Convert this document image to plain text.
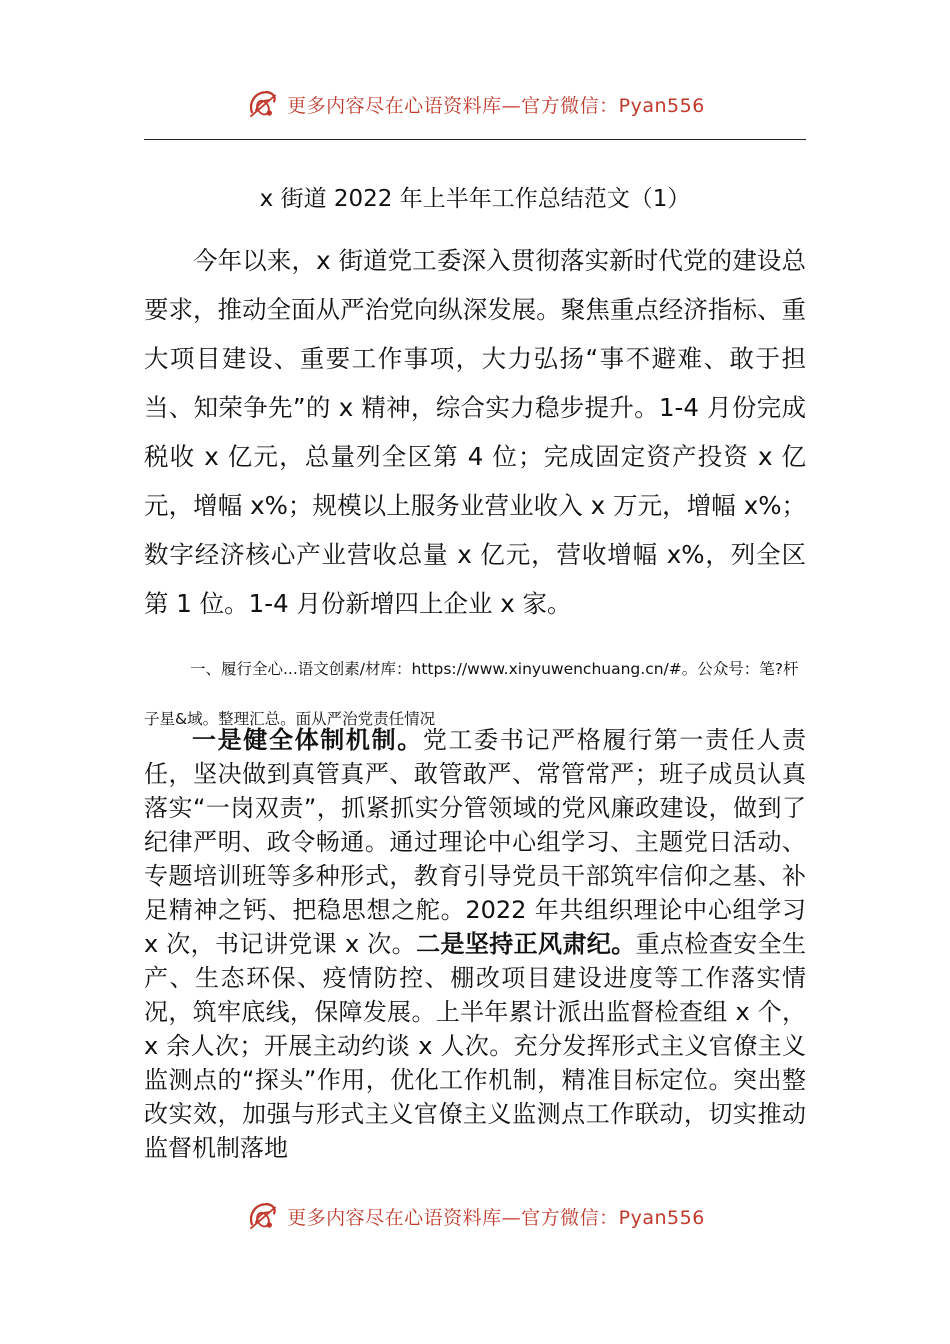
更多内容尽在心语资料库—官方微信：Pyan556
x 街道 2022 年上半年工作总结范文（1）

今年以来，x 街道党工委深入贯彻落实新时代党的建设总要求，推动全面从严治党向纵深发展。聚焦重点经济指标、重大项目建设、重要工作事项，大力弘扬“事不避难、敢于担当、知荣争先”的 x 精神，综合实力稳步提升。1-4 月份完成税收 x 亿元，总量列全区第 4 位；完成固定资产投资 x 亿元，增幅 x%；规模以上服务业营业收入 x 万元，增幅 x%；数字经济核心产业营收总量 x 亿元，营收增幅 x%，列全区第 1 位。1-4 月份新增四上企业 x 家。

一、履行全心...语文创素/材库：https://www.xinyuwenchuang.cn/#。公众号：笔?杆子星&域。整理汇总。面从严治党责任情况

一是健全体制机制。党工委书记严格履行第一责任人责任，坚决做到真管真严、敢管敢严、常管常严；班子成员认真落实“一岗双责”，抓紧抓实分管领域的党风廉政建设，做到了纪律严明、政令畅通。通过理论中心组学习、主题党日活动、专题培训班等多种形式，教育引导党员干部筑牢信仰之基、补足精神之钙、把稳思想之舵。2022 年共组织理论中心组学习 x 次，书记讲党课 x 次。二是坚持正风肃纪。重点检查安全生产、生态环保、疫情防控、棚改项目建设进度等工作落实情况，筑牢底线，保障发展。上半年累计派出监督检查组 x 个，x 余人次；开展主动约谈 x 人次。充分发挥形式主义官僚主义监测点的“探头”作用，优化工作机制，精准目标定位。突出整改实效，加强与形式主义官僚主义监测点工作联动，切实推动监督机制落地

更多内容尽在心语资料库—官方微信：Pyan556
